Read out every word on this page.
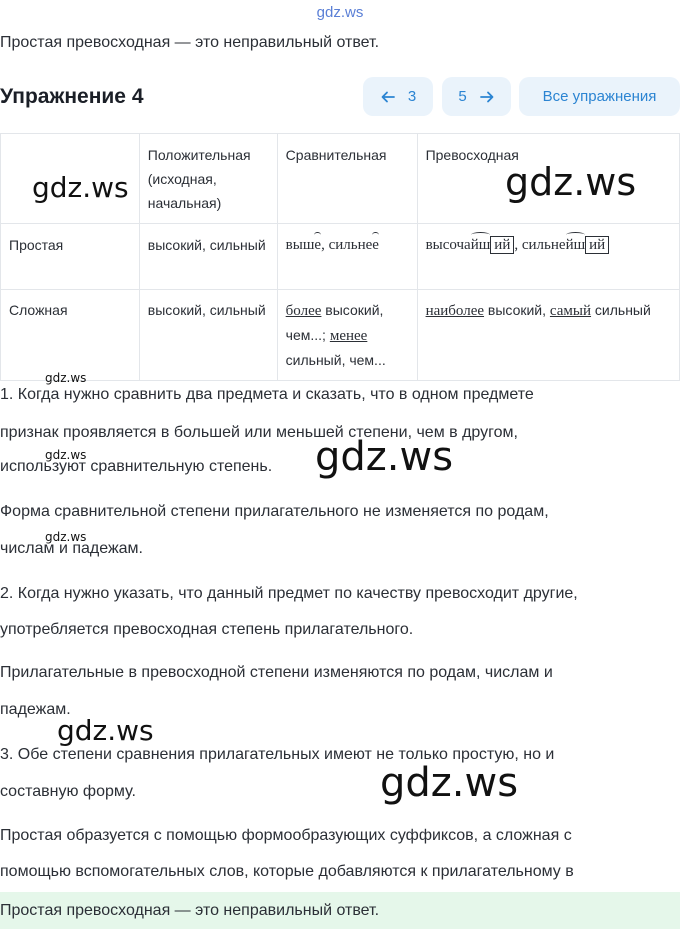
gdz.ws
Простая превосходная — это неправильный ответ.
Упражнение 4	3	5	Все упражнения
	Положительная (исходная, начальная)	Сравнительная	Превосходная
Простая	высокий, сильный	выше, сильнее	высочайш ий , сильнейш ий
Сложная	высокий, сильный	более высокий, чем...; менее сильный, чем...	наиболее высокий, самый сильный
1. Когда нужно сравнить два предмета и сказать, что в одном предмете
признак проявляется в большей или меньшей степени, чем в другом,
используют сравнительную степень.
Форма сравнительной степени прилагательного не изменяется по родам,
числам и падежам.
2. Когда нужно указать, что данный предмет по качеству превосходит другие,
употребляется превосходная степень прилагательного.
Прилагательные в превосходной степени изменяются по родам, числам и
падежам.
3. Обе степени сравнения прилагательных имеют не только простую, но и
составную форму.
Простая образуется с помощью формообразующих суффиксов, а сложная с
помощью вспомогательных слов, которые добавляются к прилагательному в
Простая превосходная — это неправильный ответ.
gdz.ws	gdz.ws
gdz.ws
gdz.ws
gdz.ws
gdz.ws
gdz.ws
gdz.ws
